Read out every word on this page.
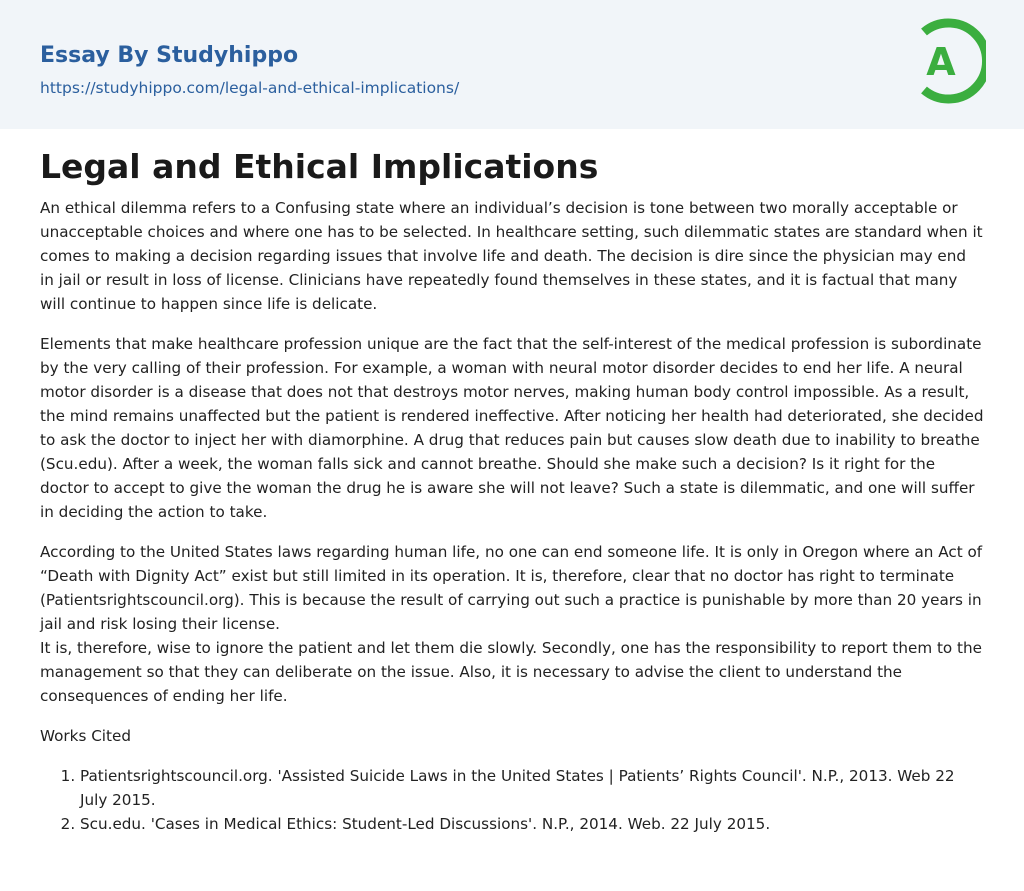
Essay By Studyhippo
https://studyhippo.com/legal-and-ethical-implications/
A
Legal and Ethical Implications

An ethical dilemma refers to a Confusing state where an individual’s decision is tone between two morally acceptable or unacceptable choices and where one has to be selected. In healthcare setting, such dilemmatic states are standard when it comes to making a decision regarding issues that involve life and death. The decision is dire since the physician may end in jail or result in loss of license. Clinicians have repeatedly found themselves in these states, and it is factual that many will continue to happen since life is delicate.

Elements that make healthcare profession unique are the fact that the self-interest of the medical profession is subordinate by the very calling of their profession. For example, a woman with neural motor disorder decides to end her life. A neural motor disorder is a disease that does not that destroys motor nerves, making human body control impossible. As a result, the mind remains unaffected but the patient is rendered ineffective. After noticing her health had deteriorated, she decided to ask the doctor to inject her with diamorphine. A drug that reduces pain but causes slow death due to inability to breathe (Scu.edu). After a week, the woman falls sick and cannot breathe. Should she make such a decision? Is it right for the doctor to accept to give the woman the drug he is aware she will not leave? Such a state is dilemmatic, and one will suffer in deciding the action to take.

According to the United States laws regarding human life, no one can end someone life. It is only in Oregon where an Act of “Death with Dignity Act” exist but still limited in its operation. It is, therefore, clear that no doctor has right to terminate (Patientsrightscouncil.org). This is because the result of carrying out such a practice is punishable by more than 20 years in jail and risk losing their license.

It is, therefore, wise to ignore the patient and let them die slowly. Secondly, one has the responsibility to report them to the management so that they can deliberate on the issue. Also, it is necessary to advise the client to understand the consequences of ending her life.

Works Cited

1. Patientsrightscouncil.org. 'Assisted Suicide Laws in the United States | Patients’ Rights Council'. N.P., 2013. Web 22 July 2015.
2. Scu.edu. 'Cases in Medical Ethics: Student-Led Discussions'. N.P., 2014. Web. 22 July 2015.
